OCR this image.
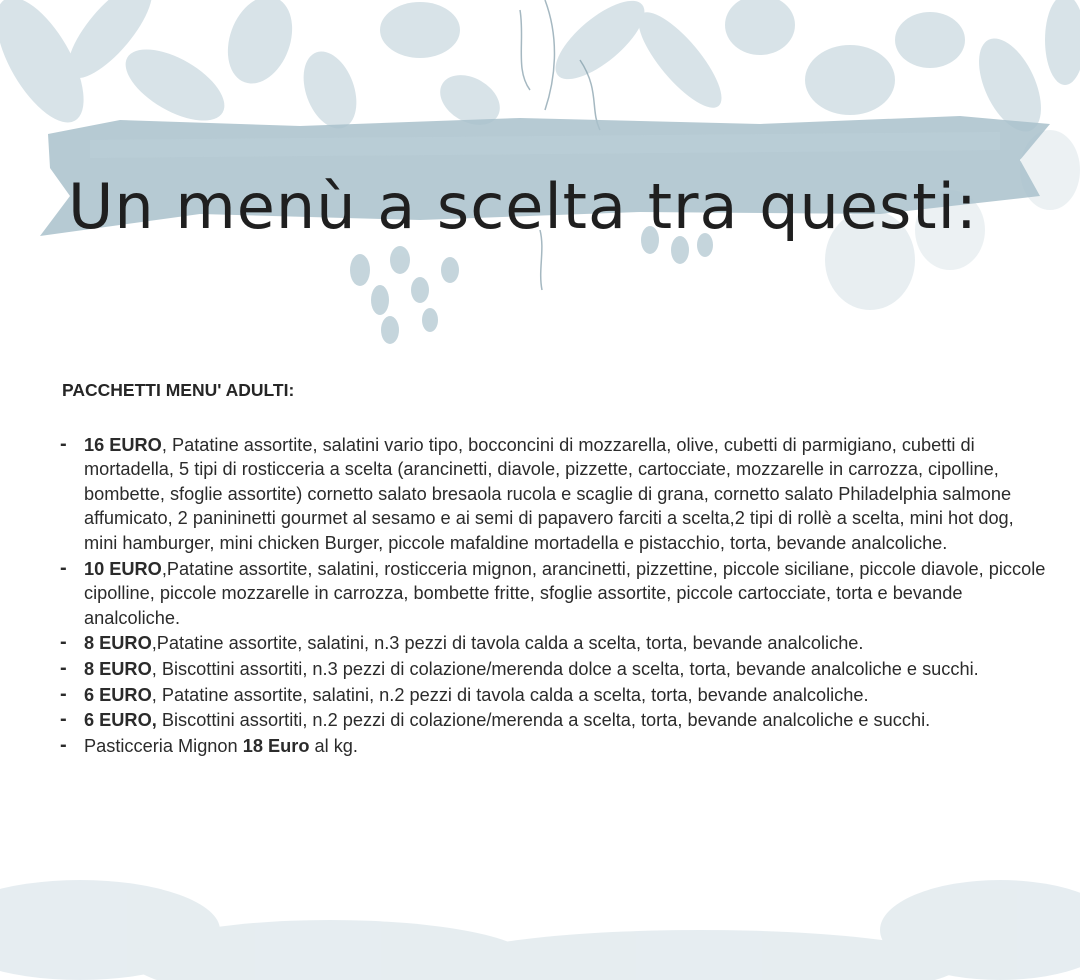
Un menù a scelta tra questi:
PACCHETTI MENU' ADULTI:
- 16 EURO, Patatine assortite, salatini vario tipo, bocconcini di mozzarella, olive, cubetti di parmigiano, cubetti di mortadella, 5 tipi di rosticceria a scelta (arancinetti, diavole, pizzette, cartocciate, mozzarelle in carrozza, cipolline, bombette, sfoglie assortite) cornetto salato bresaola rucola e scaglie di grana, cornetto salato Philadelphia salmone affumicato, 2 panininetti gourmet al sesamo e ai semi di papavero farciti a scelta,2 tipi di rollè a scelta, mini hot dog, mini hamburger, mini chicken Burger, piccole mafaldine mortadella e pistacchio, torta, bevande analcoliche.
- 10 EURO,Patatine assortite, salatini, rosticceria mignon, arancinetti, pizzettine, piccole siciliane, piccole diavole, piccole cipolline, piccole mozzarelle in carrozza, bombette fritte, sfoglie assortite, piccole cartocciate, torta e bevande analcoliche.
- 8 EURO,Patatine assortite, salatini, n.3 pezzi di tavola calda a scelta, torta, bevande analcoliche.
- 8 EURO, Biscottini assortiti, n.3 pezzi di colazione/merenda dolce a scelta, torta, bevande analcoliche e succhi.
- 6 EURO, Patatine assortite, salatini, n.2 pezzi di tavola calda a scelta, torta, bevande analcoliche.
- 6 EURO, Biscottini assortiti, n.2 pezzi di colazione/merenda a scelta, torta, bevande analcoliche e succhi.
- Pasticceria Mignon 18 Euro al kg.
